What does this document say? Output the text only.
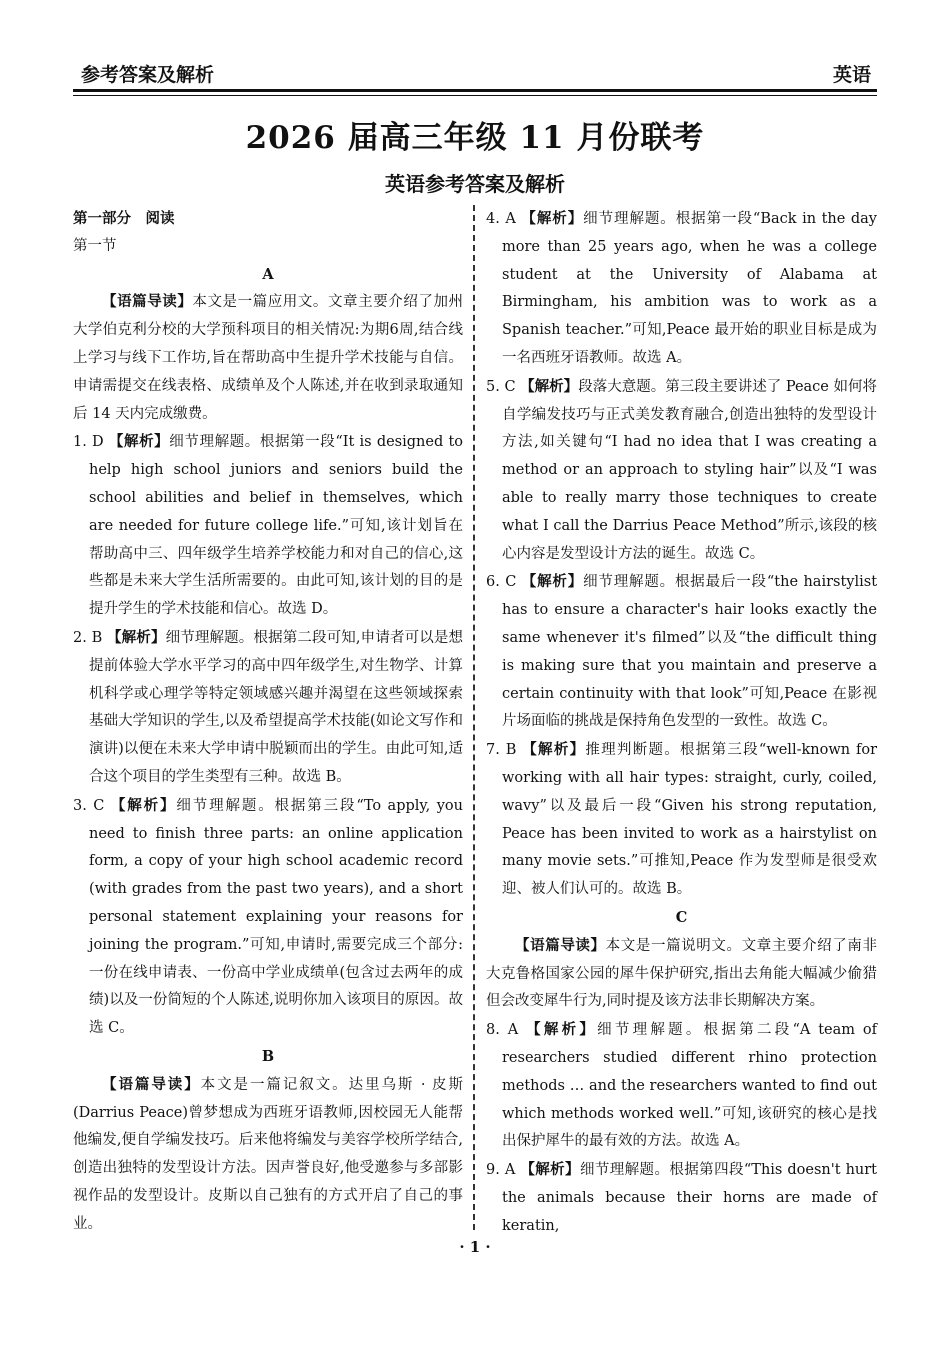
参考答案及解析	英语
2026 届高三年级 11 月份联考
英语参考答案及解析

第一部分　阅读

第一节

A

【语篇导读】本文是一篇应用文。文章主要介绍了加州大学伯克利分校的大学预科项目的相关情况:为期6周,结合线上学习与线下工作坊,旨在帮助高中生提升学术技能与自信。申请需提交在线表格、成绩单及个人陈述,并在收到录取通知后 14 天内完成缴费。

1. D 【解析】细节理解题。根据第一段“It is designed to help high school juniors and seniors build the school abilities and belief in themselves, which are needed for future college life.”可知,该计划旨在帮助高中三、四年级学生培养学校能力和对自己的信心,这些都是未来大学生活所需要的。由此可知,该计划的目的是提升学生的学术技能和信心。故选 D。

2. B 【解析】细节理解题。根据第二段可知,申请者可以是想提前体验大学水平学习的高中四年级学生,对生物学、计算机科学或心理学等特定领域感兴趣并渴望在这些领域探索基础大学知识的学生,以及希望提高学术技能(如论文写作和演讲)以便在未来大学申请中脱颖而出的学生。由此可知,适合这个项目的学生类型有三种。故选 B。

3. C 【解析】细节理解题。根据第三段“To apply, you need to finish three parts: an online application form, a copy of your high school academic record (with grades from the past two years), and a short personal statement explaining your reasons for joining the program.”可知,申请时,需要完成三个部分:一份在线申请表、一份高中学业成绩单(包含过去两年的成绩)以及一份简短的个人陈述,说明你加入该项目的原因。故选 C。

B

【语篇导读】本文是一篇记叙文。达里乌斯 · 皮斯(Darrius Peace)曾梦想成为西班牙语教师,因校园无人能帮他编发,便自学编发技巧。后来他将编发与美容学校所学结合,创造出独特的发型设计方法。因声誉良好,他受邀参与多部影视作品的发型设计。皮斯以自己独有的方式开启了自己的事业。

4. A 【解析】细节理解题。根据第一段“Back in the day more than 25 years ago, when he was a college student at the University of Alabama at Birmingham, his ambition was to work as a Spanish teacher.”可知,Peace 最开始的职业目标是成为一名西班牙语教师。故选 A。

5. C 【解析】段落大意题。第三段主要讲述了 Peace 如何将自学编发技巧与正式美发教育融合,创造出独特的发型设计方法,如关键句“I had no idea that I was creating a method or an approach to styling hair”以及“I was able to really marry those techniques to create what I call the Darrius Peace Method”所示,该段的核心内容是发型设计方法的诞生。故选 C。

6. C 【解析】细节理解题。根据最后一段“the hairstylist has to ensure a character's hair looks exactly the same whenever it's filmed”以及“the difficult thing is making sure that you maintain and preserve a certain continuity with that look”可知,Peace 在影视片场面临的挑战是保持角色发型的一致性。故选 C。

7. B 【解析】推理判断题。根据第三段“well-known for working with all hair types: straight, curly, coiled, wavy”以及最后一段“Given his strong reputation, Peace has been invited to work as a hairstylist on many movie sets.”可推知,Peace 作为发型师是很受欢迎、被人们认可的。故选 B。

C

【语篇导读】本文是一篇说明文。文章主要介绍了南非大克鲁格国家公园的犀牛保护研究,指出去角能大幅减少偷猎但会改变犀牛行为,同时提及该方法非长期解决方案。

8. A 【解析】细节理解题。根据第二段“A team of researchers studied different rhino protection methods … and the researchers wanted to find out which methods worked well.”可知,该研究的核心是找出保护犀牛的最有效的方法。故选 A。

9. A 【解析】细节理解题。根据第四段“This doesn't hurt the animals because their horns are made of keratin,

· 1 ·
